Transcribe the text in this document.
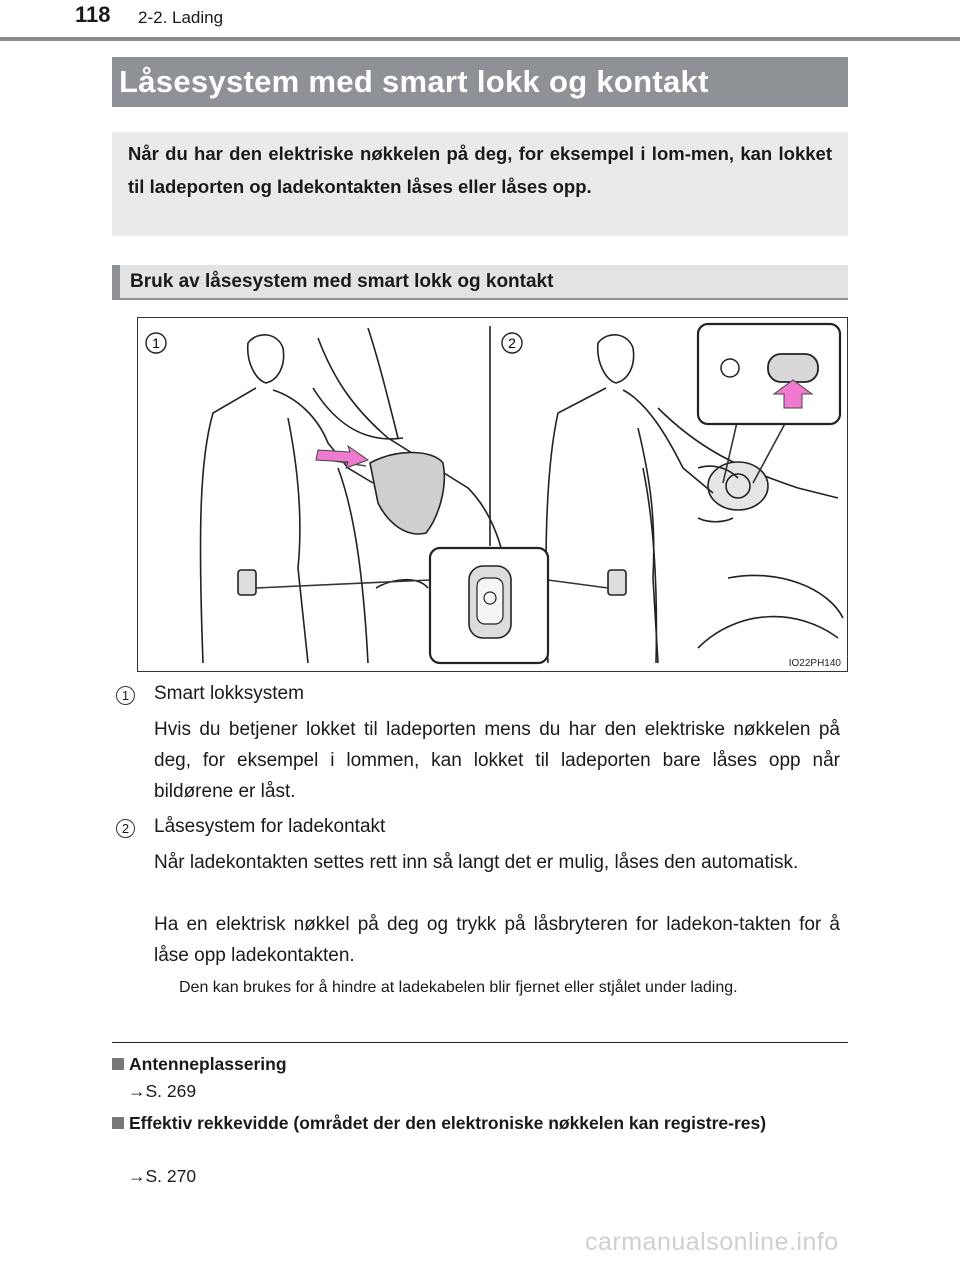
118 2-2. Lading
Låsesystem med smart lokk og kontakt
Når du har den elektriske nøkkelen på deg, for eksempel i lom-men, kan lokket til ladeporten og ladekontakten låses eller låses opp.
Bruk av låsesystem med smart lokk og kontakt
1	2
IO22PH140
1	Smart lokksystem
Hvis du betjener lokket til ladeporten mens du har den elektriske nøkkelen på deg, for eksempel i lommen, kan lokket til ladeporten bare låses opp når bildørene er låst.
2	Låsesystem for ladekontakt
Når ladekontakten settes rett inn så langt det er mulig, låses den automatisk.
Ha en elektrisk nøkkel på deg og trykk på låsbryteren for ladekon-takten for å låse opp ladekontakten.
Den kan brukes for å hindre at ladekabelen blir fjernet eller stjålet under lading.
Antenneplassering
→S. 269
Effektiv rekkevidde (området der den elektroniske nøkkelen kan registre-res)
→S. 270
carmanualsonline.info
